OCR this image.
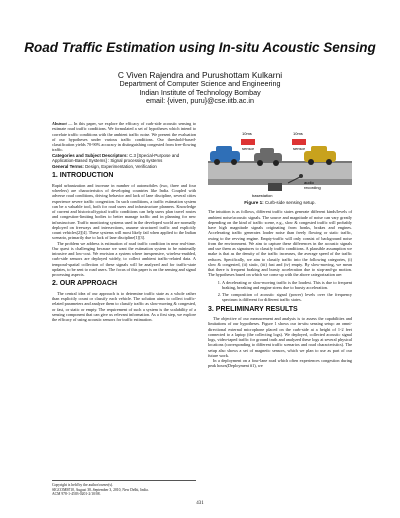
Road Traffic Estimation using In-situ Acoustic Sensing
C Viven Rajendra and Purushottam Kulkarni
Department of Computer Science and Engineering
Indian Institute of Technology Bombay
email: {viven, puru}@cse.iitb.ac.in

Abstract — In this paper, we explore the efficacy of curb-side acoustic sensing to estimate road traffic conditions. We formulated a set of hypotheses which intend to correlate traffic conditions with the ambient traffic noise. We present the evaluation of our hypotheses under various traffic conditions. Our threshold-based-classification yields 70-90% accuracy in distinguishing congested from free-flowing traffic.

Categories and Subject Descriptors: C.3 [Special-Purpose and Application-Based Systems] : Signal processing systems

General Terms: Design, Experimentation, Verification

1. INTRODUCTION

Rapid urbanization and increase in number of automobiles (two, three and four wheelers) are characteristics of developing countries like India. Coupled with adverse road conditions, driving behavior and lack of lane discipline, several cities experience severe traffic congestion. In such conditions, a traffic estimation system can be a valuable tool, both for road users and infrastructure planners. Knowledge of current and historical/typical traffic conditions can help users plan travel routes and congestion-limiting bodies to better manage traffic and in planning for new infrastructure. Traffic monitoring systems used in the developed world are normally deployed on freeways and intersections, assume structured traffic and explicitly count vehicles[2][4]. These systems will most likely fail when applied to the Indian scenario, primarily due to lack of lane discipline[1][3].

The problem we address is estimation of road traffic condition in near real-time. Our quest is challenging because we want the estimation system to be minimally intrusive and low-cost. We envision a system where inexpensive, wireless-enabled, curb-side sensors are deployed widely, to collect ambient traffic-related data. A temporal-spatial collection of these signals will be analyzed and for traffic-state updates, to be sent to road users. The focus of this paper is on the sensing and signal processing aspects.

2. OUR APPROACH

The central idea of our approach is to determine traffic state as a whole rather than explicitly count or classify each vehicle. The solution aims to collect traffic-related parameters and analyze them to classify traffic as slow-moving & congested, or fast, or static or empty. The requirement of such a system is the scalability of a sensing component that can give us relevant information. As a first step, we explore the efficacy of using acoustic sensors for traffic estimation.

Copyright is held by the author/owner(s).
SIGCOMM'10, August 30–September 3, 2010, New Delhi, India.
ACM 978-1-4503-0201-2/10/08.
10ms
sensor
10ms
sensor
audio
recording
basestation
Figure 1: Curb-side sensing setup.

The intuition is as follows, different traffic states generate different kinds/levels of ambient noise/acoustic signals. The source and magnitude of noise can vary greatly depending on the kind of traffic scene, e.g., slow & congested traffic will probably have high magnitude signals originating from honks, brakes and engines. Accelerating traffic generates louder noise than freely flowing or static traffic, owing to the revving engine. Empty-traffic will only consist of background noise from the environment. We aim to capture these differences in the acoustic signals and use them as signatures to classify traffic conditions. A plausible assumption we make is that as the density of the traffic increases, the average speed of the traffic reduces. Specifically, we aim to classify traffic into the following categories, (i) slow & congested, (ii) static, (iii) fast and (iv) empty. By slow-moving, we mean that there is frequent braking and bursty acceleration due to stop-and-go motion. The hypotheses based on which we come up with the above categorization are:

1. A decelerating or slow-moving traffic is the loudest. This is due to frequent braking, breaking and engine stress due to bursty acceleration.
2. The composition of acoustic signal (power) levels over the frequency spectrum is different for different traffic states.
3. PRELIMINARY RESULTS

The objective of our measurement and analysis is to assess the capabilities and limitations of our hypotheses. Figure 1 shows our in-situ sensing setup: an omni-directional external microphone placed on the curb-side at a height of 1-2 feet connected to a laptop (the collecting logs). We deployed, collected acoustic signal logs, video-taped traffic for ground truth and analyzed these logs at several physical locations (corresponding to different traffic scenarios and road characteristics). The setup also shows a set of magnetic sensors, which we plan to use as part of our future work.

In a deployment on a four-lane road which often experiences congestion during peak hours(Deployment #1), we

431
